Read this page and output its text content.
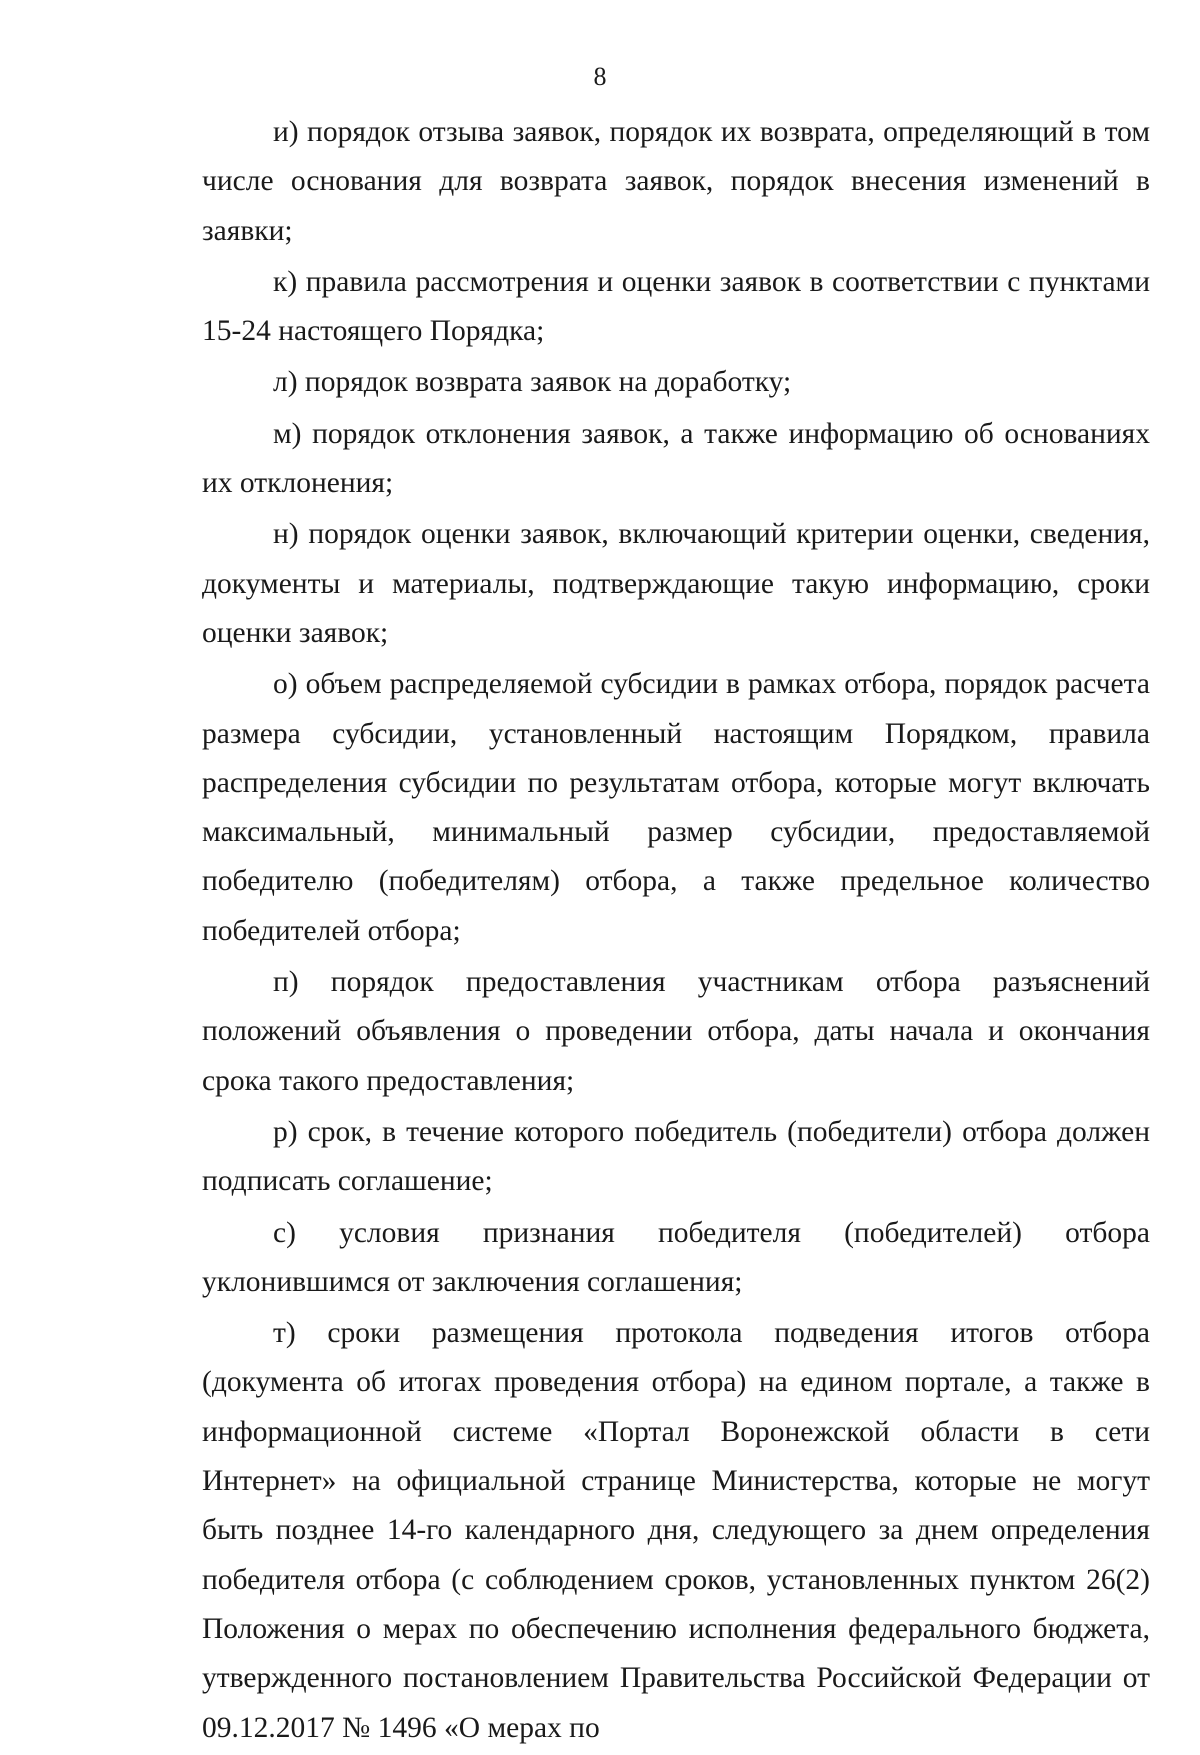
8

и) порядок отзыва заявок, порядок их возврата, определяющий в том числе основания для возврата заявок, порядок внесения изменений в заявки;

к) правила рассмотрения и оценки заявок в соответствии с пунктами 15-24 настоящего Порядка;

л) порядок возврата заявок на доработку;

м) порядок отклонения заявок, а также информацию об основаниях их отклонения;

н) порядок оценки заявок, включающий критерии оценки, сведения, документы и материалы, подтверждающие такую информацию, сроки оценки заявок;

о) объем распределяемой субсидии в рамках отбора, порядок расчета размера субсидии, установленный настоящим Порядком, правила распределения субсидии по результатам отбора, которые могут включать максимальный, минимальный размер субсидии, предоставляемой победителю (победителям) отбора, а также предельное количество победителей отбора;

п) порядок предоставления участникам отбора разъяснений положений объявления о проведении отбора, даты начала и окончания срока такого предоставления;

р) срок, в течение которого победитель (победители) отбора должен подписать соглашение;

с) условия признания победителя (победителей) отбора уклонившимся от заключения соглашения;

т) сроки размещения протокола подведения итогов отбора (документа об итогах проведения отбора) на едином портале, а также в информационной системе «Портал Воронежской области в сети Интернет» на официальной странице Министерства, которые не могут быть позднее 14-го календарного дня, следующего за днем определения победителя отбора (с соблюдением сроков, установленных пунктом 26(2) Положения о мерах по обеспечению исполнения федерального бюджета, утвержденного постановлением Правительства Российской Федерации от 09.12.2017 № 1496 «О мерах по
